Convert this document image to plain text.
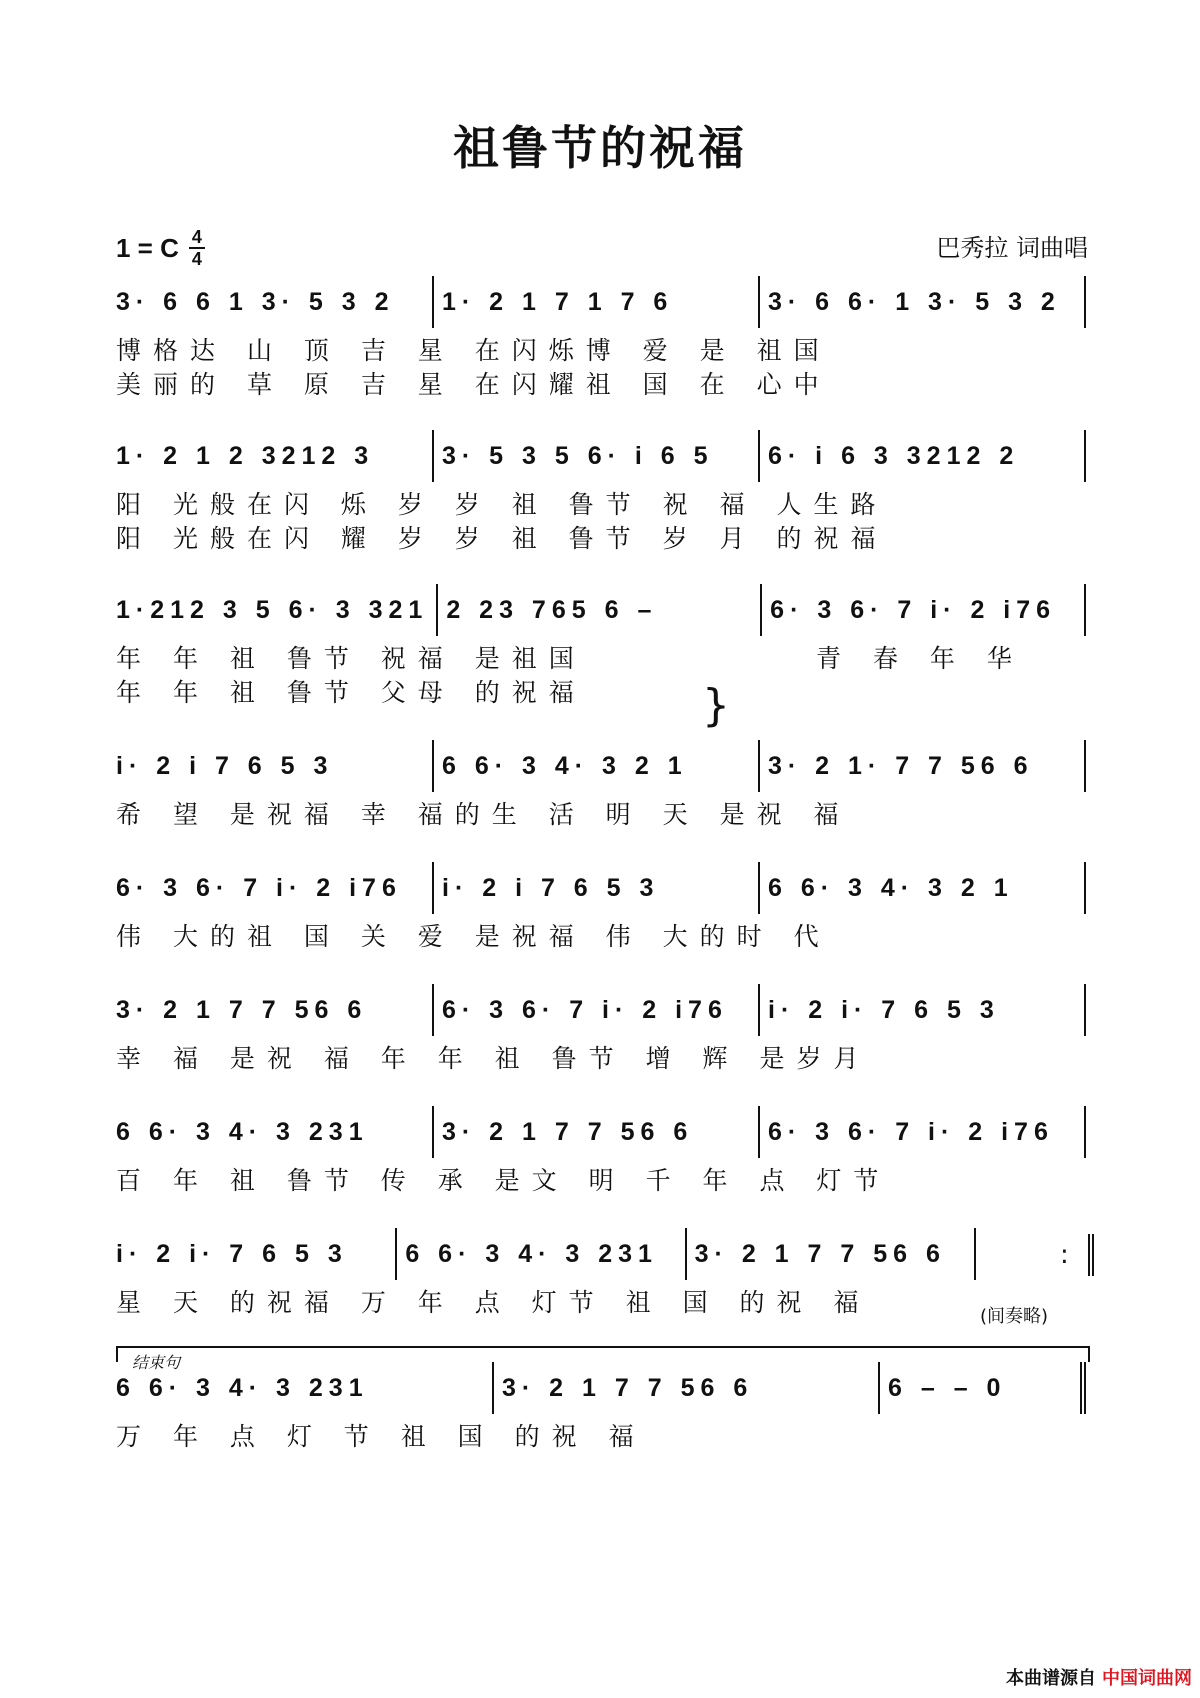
祖鲁节的祝福
1 = C 4
4	巴秀拉 词曲唱
3· 6 6 1 3· 5 3 2 1· 2 1 7 1 7 6	3· 6 6· 1 3· 5 3 2
博格达 山 顶 吉 星 在闪烁博 爱 是 祖国
美丽的 草 原 吉 星 在闪耀祖 国 在 心中
1· 2 1 2 3212 3	3· 5 3 5 6· i 6 5 6· i 6 3 3212 2
阳 光般在闪 烁 岁 岁 祖 鲁节 祝 福 人生路
阳 光般在闪 耀 岁 岁 祖 鲁节 岁 月 的祝福
1·212 3 5 6· 3 321 2 23 765 6 –	6· 3 6· 7 i· 2 i76
年 年 祖 鲁节 祝福 是祖国
年 年 祖 鲁节 父母 的祝福
青 春 年 华
}
i· 2 i 7 6 5 3	6 6· 3 4· 3 2 1	3· 2 1· 7 7 56 6
希 望 是祝福 幸 福的生 活 明 天 是祝 福
6· 3 6· 7 i· 2 i76 i· 2 i 7 6 5 3	6 6· 3 4· 3 2 1
伟 大的祖 国 关 爱 是祝福 伟 大的时 代
3· 2 1 7 7 56 6	6· 3 6· 7 i· 2 i76 i· 2 i· 7 6 5 3
幸 福 是祝 福 年 年 祖 鲁节 增 辉 是岁月
6 6· 3 4· 3 231	3· 2 1 7 7 56 6	6· 3 6· 7 i· 2 i76
百 年 祖 鲁节 传 承 是文 明 千 年 点 灯节
i· 2 i· 7 6 5 3 6 6· 3 4· 3 231 3· 2 1 7 7 56 6
星 天 的祝福 万 年 点 灯节 祖 国 的祝 福	(间奏略)
:
结束句
6 6· 3 4· 3 231	3· 2 1 7 7 56 6	6 – – 0
万 年 点 灯 节 祖 国 的祝 福
本曲谱源自 中国词曲网
